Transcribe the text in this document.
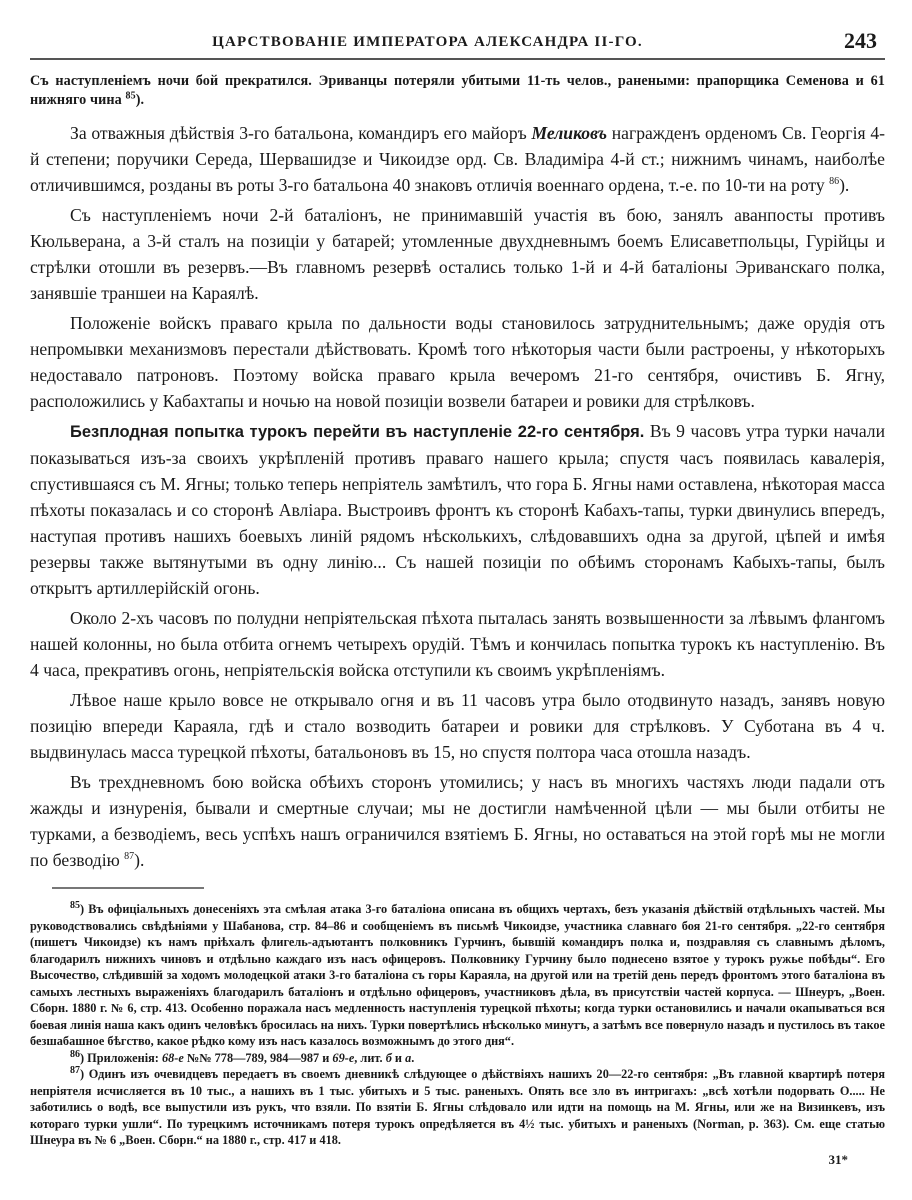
ЦАРСТВОВАНІЕ ИМПЕРАТОРА АЛЕКСАНДРА II-ГО.	243

Съ наступленіемъ ночи бой прекратился. Эриванцы потеряли убитыми 11-ть челов., ранеными: прапорщика Семенова и 61 нижняго чина $^{85}$).

За отважныя дѣйствія 3-го батальона, командиръ его майоръ Меликовъ награжденъ орденомъ Св. Георгія 4-й степени; поручики Середа, Шервашидзе и Чикоидзе орд. Св. Владиміра 4-й ст.; нижнимъ чинамъ, наиболѣе отличившимся, розданы въ роты 3-го батальона 40 знаковъ отличія военнаго ордена, т.-е. по 10-ти на роту $^{86}$).

Съ наступленіемъ ночи 2-й баталіонъ, не принимавшій участія въ бою, занялъ аванпосты противъ Кюльверана, а 3-й сталъ на позиціи у батарей; утомленные двухдневнымъ боемъ Елисаветпольцы, Гурійцы и стрѣлки отошли въ резервъ.—Въ главномъ резервѣ остались только 1-й и 4-й баталіоны Эриванскаго полка, занявшіе траншеи на Караялѣ.

Положеніе войскъ праваго крыла по дальности воды становилось затруднительнымъ; даже орудія отъ непромывки механизмовъ перестали дѣйствовать. Кромѣ того нѣкоторыя части были растроены, у нѣкоторыхъ недоставало патроновъ. Поэтому войска праваго крыла вечеромъ 21-го сентября, очистивъ Б. Ягну, расположились у Кабахтапы и ночью на новой позиціи возвели батареи и ровики для стрѣлковъ.

Безплодная попытка турокъ перейти въ наступленіе 22-го сентября. Въ 9 часовъ утра турки начали показываться изъ-за своихъ укрѣпленій противъ праваго нашего крыла; спустя часъ появилась кавалерія, спустившаяся съ М. Ягны; только теперь непріятель замѣтилъ, что гора Б. Ягны нами оставлена, нѣкоторая масса пѣхоты показалась и со сторонѣ Авліара. Выстроивъ фронтъ къ сторонѣ Кабахъ-тапы, турки двинулись впередъ, наступая противъ нашихъ боевыхъ линій рядомъ нѣсколькихъ, слѣдовавшихъ одна за другой, цѣпей и имѣя резервы также вытянутыми въ одну линію... Съ нашей позиціи по обѣимъ сторонамъ Кабыхъ-тапы, былъ открытъ артиллерійскій огонь.

Около 2-хъ часовъ по полудни непріятельская пѣхота пыталась занять возвышенности за лѣвымъ флангомъ нашей колонны, но была отбита огнемъ четырехъ орудій. Тѣмъ и кончилась попытка турокъ къ наступленію. Въ 4 часа, прекративъ огонь, непріятельскія войска отступили къ своимъ укрѣпленіямъ.

Лѣвое наше крыло вовсе не открывало огня и въ 11 часовъ утра было отодвинуто назадъ, занявъ новую позицію впереди Караяла, гдѣ и стало возводить батареи и ровики для стрѣлковъ. У Суботана въ 4 ч. выдвинулась масса турецкой пѣхоты, батальоновъ въ 15, но спустя полтора часа отошла назадъ.

Въ трехдневномъ бою войска обѣихъ сторонъ утомились; у насъ въ многихъ частяхъ люди падали отъ жажды и изнуренія, бывали и смертные случаи; мы не достигли намѣченной цѣли — мы были отбиты не турками, а безводіемъ, весь успѣхъ нашъ ограничился взятіемъ Б. Ягны, но оставаться на этой горѣ мы не могли по безводію $^{87}$).

$^{85}$) Въ офиціальныхъ донесеніяхъ эта смѣлая атака 3-го баталіона описана въ общихъ чертахъ, безъ указанія дѣйствій отдѣльныхъ частей. Мы руководствовались свѣдѣніями у Шабанова, стр. 84–86 и сообщеніемъ въ письмѣ Чикоидзе, участника славнаго боя 21-го сентября. „22-го сентября (пишетъ Чикоидзе) къ намъ пріѣхалъ флигель-адъютантъ полковникъ Гурчинъ, бывшій командиръ полка и, поздравляя съ славнымъ дѣломъ, благодарилъ нижнихъ чиновъ и отдѣльно каждаго изъ насъ офицеровъ. Полковнику Гурчину было поднесено взятое у турокъ ружье побѣды“. Его Высочество, слѣдившій за ходомъ молодецкой атаки 3-го баталіона съ горы Караяла, на другой или на третій день передъ фронтомъ этого баталіона въ самыхъ лестныхъ выраженіяхъ благодарилъ баталіонъ и отдѣльно офицеровъ, участниковъ дѣла, въ присутствіи частей корпуса. — Шнеуръ, „Воен. Сборн. 1880 г. № 6, стр. 413. Особенно поражала насъ медленность наступленія турецкой пѣхоты; когда турки остановились и начали окапываться вся боевая линія наша какъ одинъ человѣкъ бросилась на нихъ. Турки повертѣлись нѣсколько минутъ, а затѣмъ все повернуло назадъ и пустилось въ такое безшабашное бѣгство, какое рѣдко кому изъ насъ казалось возможнымъ до этого дня“.

$^{86}$) Приложенія: 68-е №№ 778—789, 984—987 и 69-е, лит. б и а.

$^{87}$) Одинъ изъ очевидцевъ передаетъ въ своемъ дневникѣ слѣдующее о дѣйствіяхъ нашихъ 20—22-го сентября: „Въ главной квартирѣ потеря непріятеля исчисляется въ 10 тыс., а нашихъ въ 1 тыс. убитыхъ и 5 тыс. раненыхъ. Опять все зло въ интригахъ: „всѣ хотѣли подорвать О..... Не заботились о водѣ, все выпустили изъ рукъ, что взяли. По взятіи Б. Ягны слѣдовало или идти на помощь на М. Ягны, или же на Визинкевъ, изъ котораго турки ушли“. По турецкимъ источникамъ потеря турокъ опредѣляется въ 4½ тыс. убитыхъ и раненыхъ (Norman, p. 363). См. еще статью Шнеура въ № 6 „Воен. Сборн.“ на 1880 г., стр. 417 и 418.

31*
